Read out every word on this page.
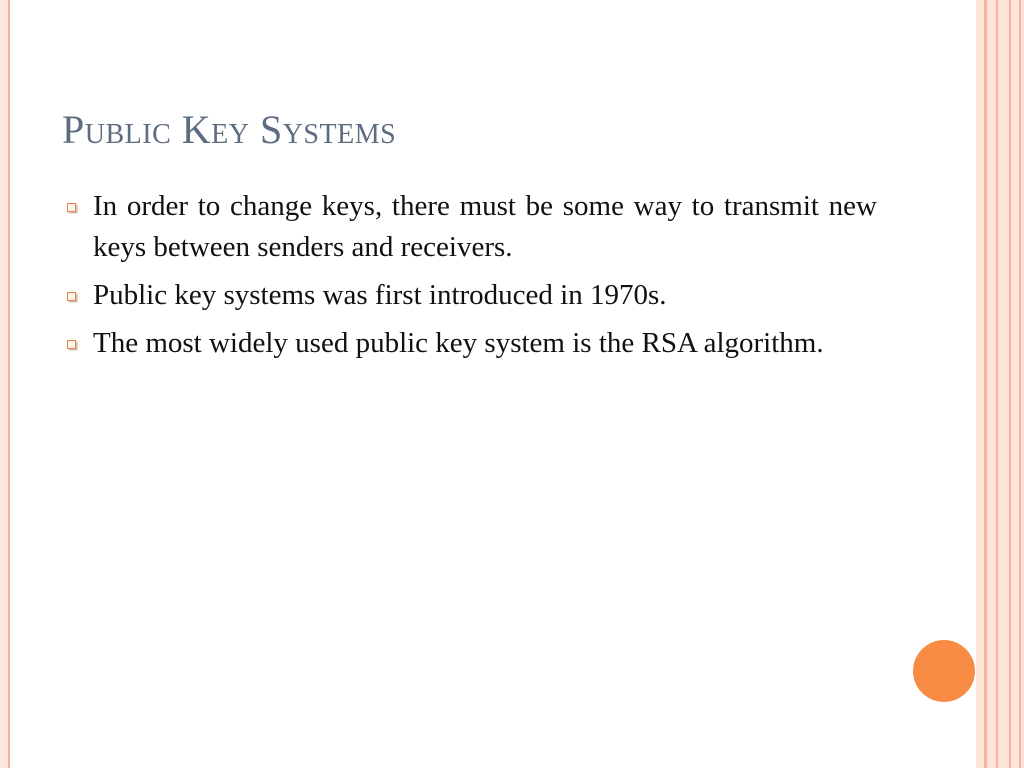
Public Key Systems
In order to change keys, there must be some way to transmit new keys between senders and receivers.
Public key systems was first introduced in 1970s.
The most widely used public key system is the RSA algorithm.
